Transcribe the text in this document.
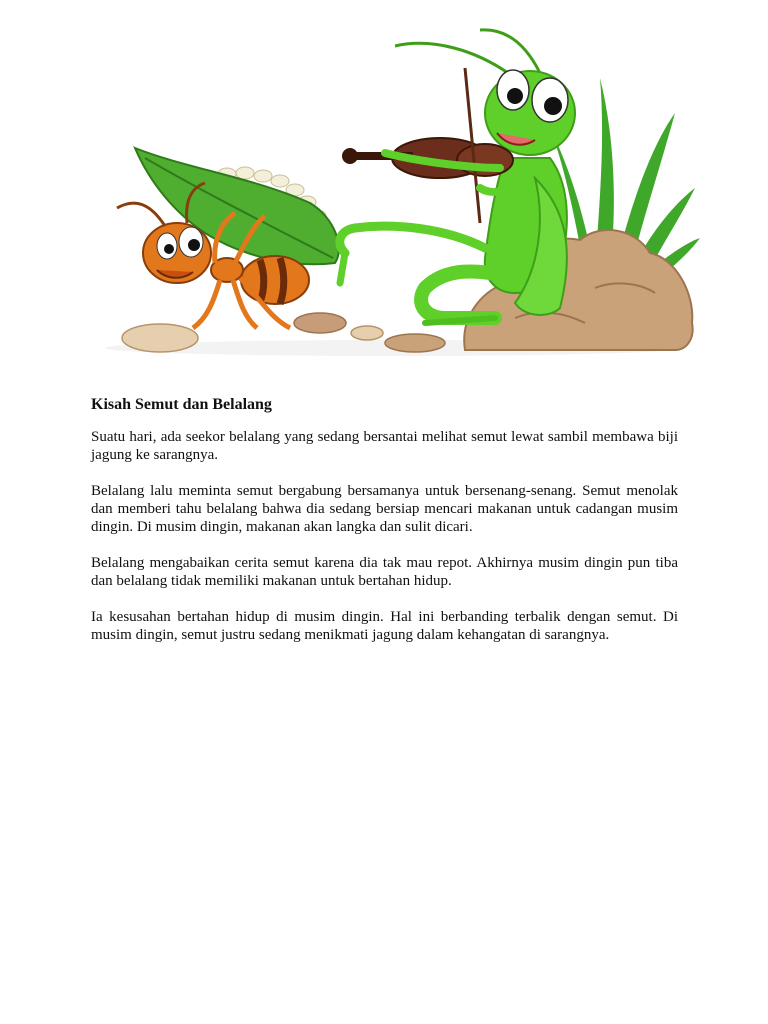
Kisah Semut dan Belalang

Suatu hari, ada seekor belalang yang sedang bersantai melihat semut lewat sambil membawa biji jagung ke sarangnya.

Belalang lalu meminta semut bergabung bersamanya untuk bersenang-senang. Semut menolak dan memberi tahu belalang bahwa dia sedang bersiap mencari makanan untuk cadangan musim dingin. Di musim dingin, makanan akan langka dan sulit dicari.

Belalang mengabaikan cerita semut karena dia tak mau repot. Akhirnya musim dingin pun tiba dan belalang tidak memiliki makanan untuk bertahan hidup.

Ia kesusahan bertahan hidup di musim dingin. Hal ini berbanding terbalik dengan semut. Di musim dingin, semut justru sedang menikmati jagung dalam kehangatan di sarangnya.
